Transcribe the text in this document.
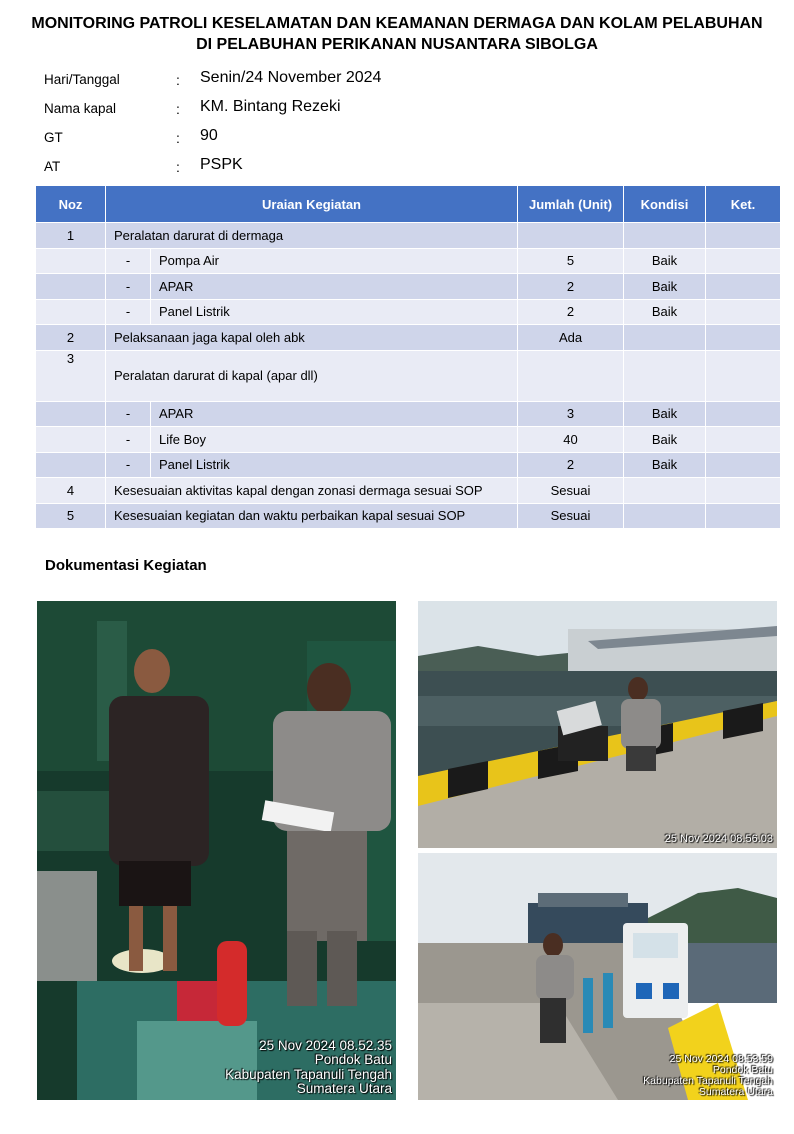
MONITORING PATROLI KESELAMATAN DAN KEAMANAN DERMAGA DAN KOLAM PELABUHAN
DI PELABUHAN PERIKANAN NUSANTARA SIBOLGA
Hari/Tanggal	: Senin/24 November 2024
Nama kapal	: KM. Bintang Rezeki
GT	: 90
AT	: PSPK
Noz	Uraian Kegiatan		Jumlah (Unit)	Kondisi	Ket.
1	Peralatan darurat di dermaga				
	-	Pompa Air	5	Baik	
	-	APAR	2	Baik	
	-	Panel Listrik	2	Baik	
2	Pelaksanaan jaga kapal oleh abk		Ada		
3	Peralatan darurat di kapal (apar dll)				
	-	APAR	3	Baik	
	-	Life Boy	40	Baik	
	-	Panel Listrik	2	Baik	
4	Kesesuaian aktivitas kapal dengan zonasi dermaga sesuai SOP		Sesuai		
5	Kesesuaian kegiatan dan waktu perbaikan kapal sesuai SOP		Sesuai		
Dokumentasi Kegiatan
25 Nov 2024 08.52.35
Pondok Batu
Kabupaten Tapanuli Tengah
Sumatera Utara
25 Nov 2024 08.56.03
25 Nov 2024 08.53.59
Pondok Batu
Kabupaten Tapanuli Tengah
Sumatera Utara
